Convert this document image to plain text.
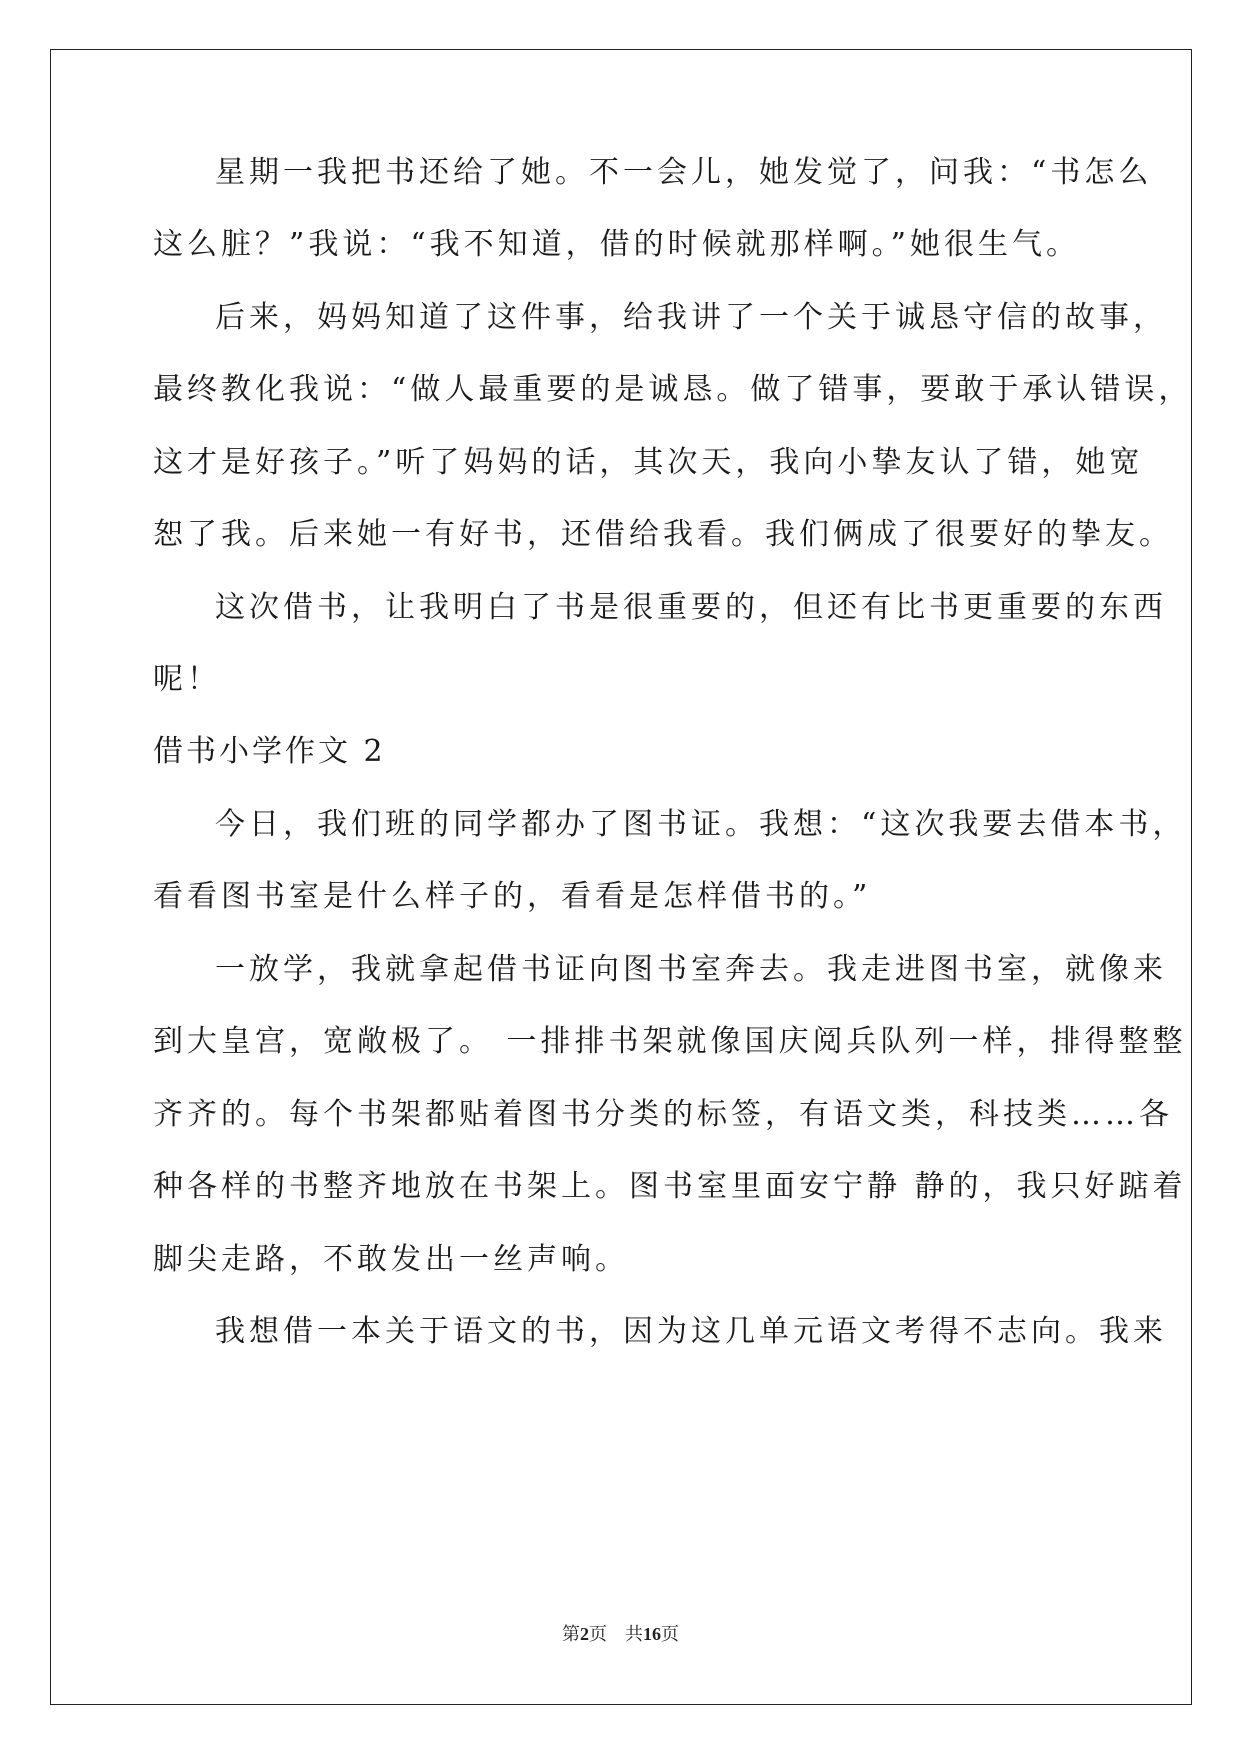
星期一我把书还给了她。不一会儿，她发觉了，问我：“书怎么
这么脏？”我说：“我不知道，借的时候就那样啊。”她很生气。
后来，妈妈知道了这件事，给我讲了一个关于诚恳守信的故事，
最终教化我说：“做人最重要的是诚恳。做了错事，要敢于承认错误，
这才是好孩子。”听了妈妈的话，其次天，我向小挚友认了错，她宽
恕了我。后来她一有好书，还借给我看。我们俩成了很要好的挚友。
这次借书，让我明白了书是很重要的，但还有比书更重要的东西
呢！
借书小学作文 2
今日，我们班的同学都办了图书证。我想：“这次我要去借本书，
看看图书室是什么样子的，看看是怎样借书的。”
一放学，我就拿起借书证向图书室奔去。我走进图书室，就像来
到大皇宫，宽敞极了。 一排排书架就像国庆阅兵队列一样，排得整整
齐齐的。每个书架都贴着图书分类的标签，有语文类，科技类……各
种各样的书整齐地放在书架上。图书室里面安宁静 静的，我只好踮着
脚尖走路，不敢发出一丝声响。
我想借一本关于语文的书，因为这几单元语文考得不志向。我来
第2页 共16页
